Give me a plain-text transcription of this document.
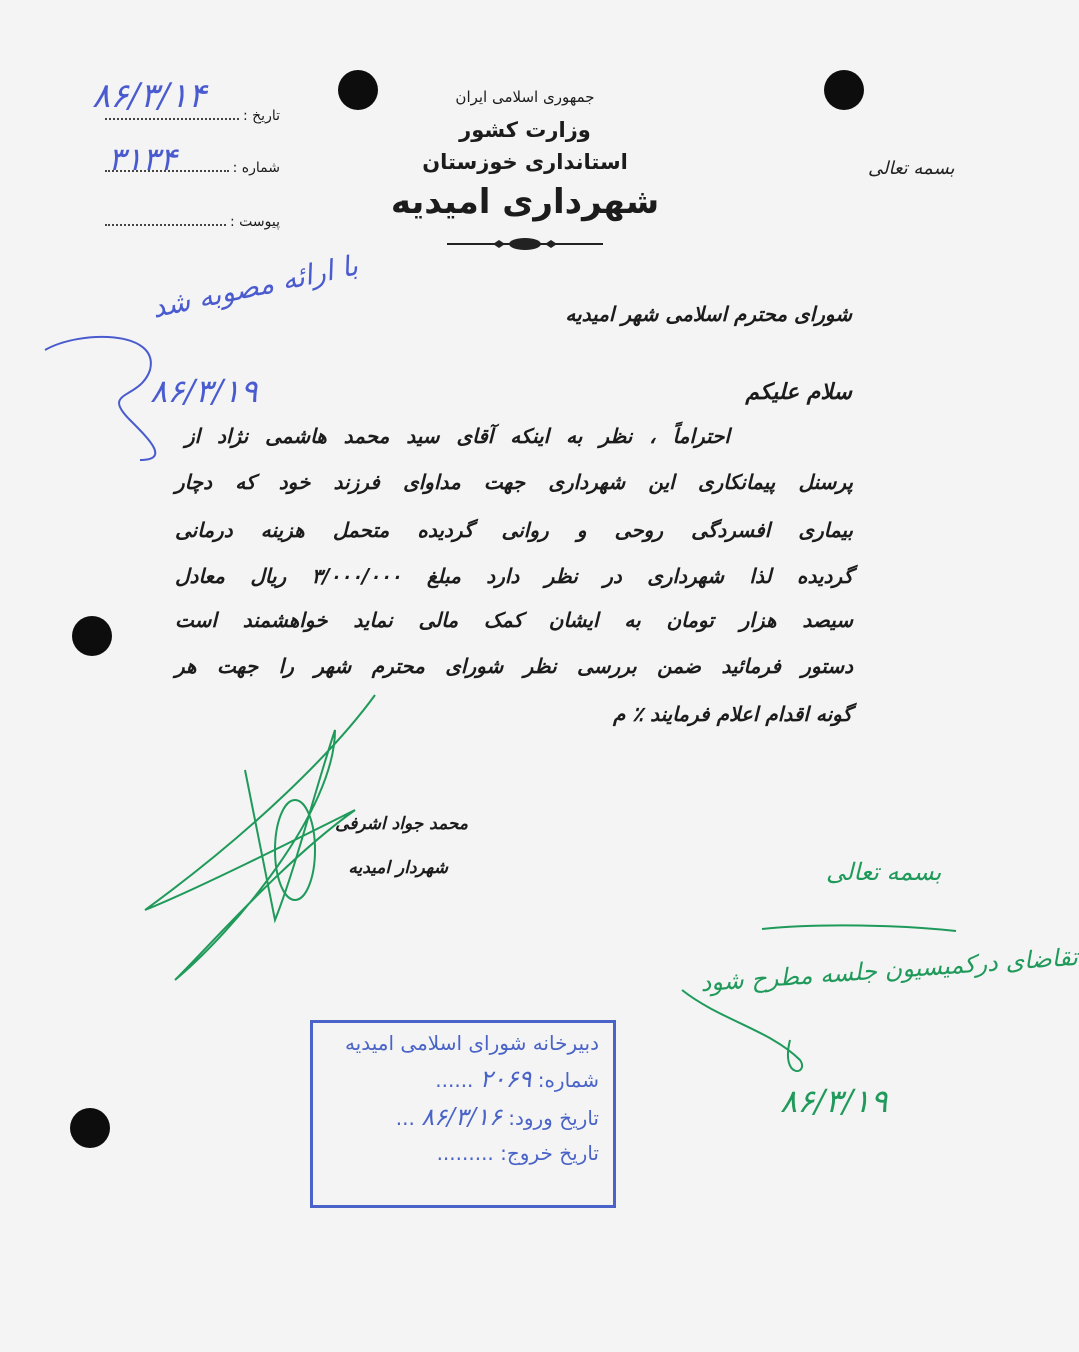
جمهوری اسلامی ایران
وزارت کشور
استانداری خوزستان
شهرداری امیدیه
بسمه تعالی
تاریخ :
شماره :
پیوست :
۸۶/۳/۱۴
۳۱۳۴
با ارائه مصوبه شد
۸۶/۳/۱۹
شورای محترم اسلامی شهر امیدیه
سلام علیکم
احتراماً ، نظر به اینکه آقای سید محمد هاشمی نژاد از
پرسنل پیمانکاری این شهرداری جهت مداوای فرزند خود که دچار
بیماری افسردگی روحی و روانی گردیده متحمل هزینه درمانی
گردیده لذا شهرداری در نظر دارد مبلغ ۳/۰۰۰/۰۰۰ ریال معادل
سیصد هزار تومان به ایشان کمک مالی نماید خواهشمند است
دستور فرمائید ضمن بررسی نظر شورای محترم شهر را جهت هر
گونه اقدام اعلام فرمایند ٪ م
محمد جواد اشرفی
شهردار امیدیه	بسمه تعالی
تقاضای درکمیسیون جلسه مطرح شود
۸۶/۳/۱۹
دبیرخانه شورای اسلامی امیدیه
شماره: ۲۰۶۹ ......
تاریخ ورود: ۸۶/۳/۱۶ ...
تاریخ خروج: .........
